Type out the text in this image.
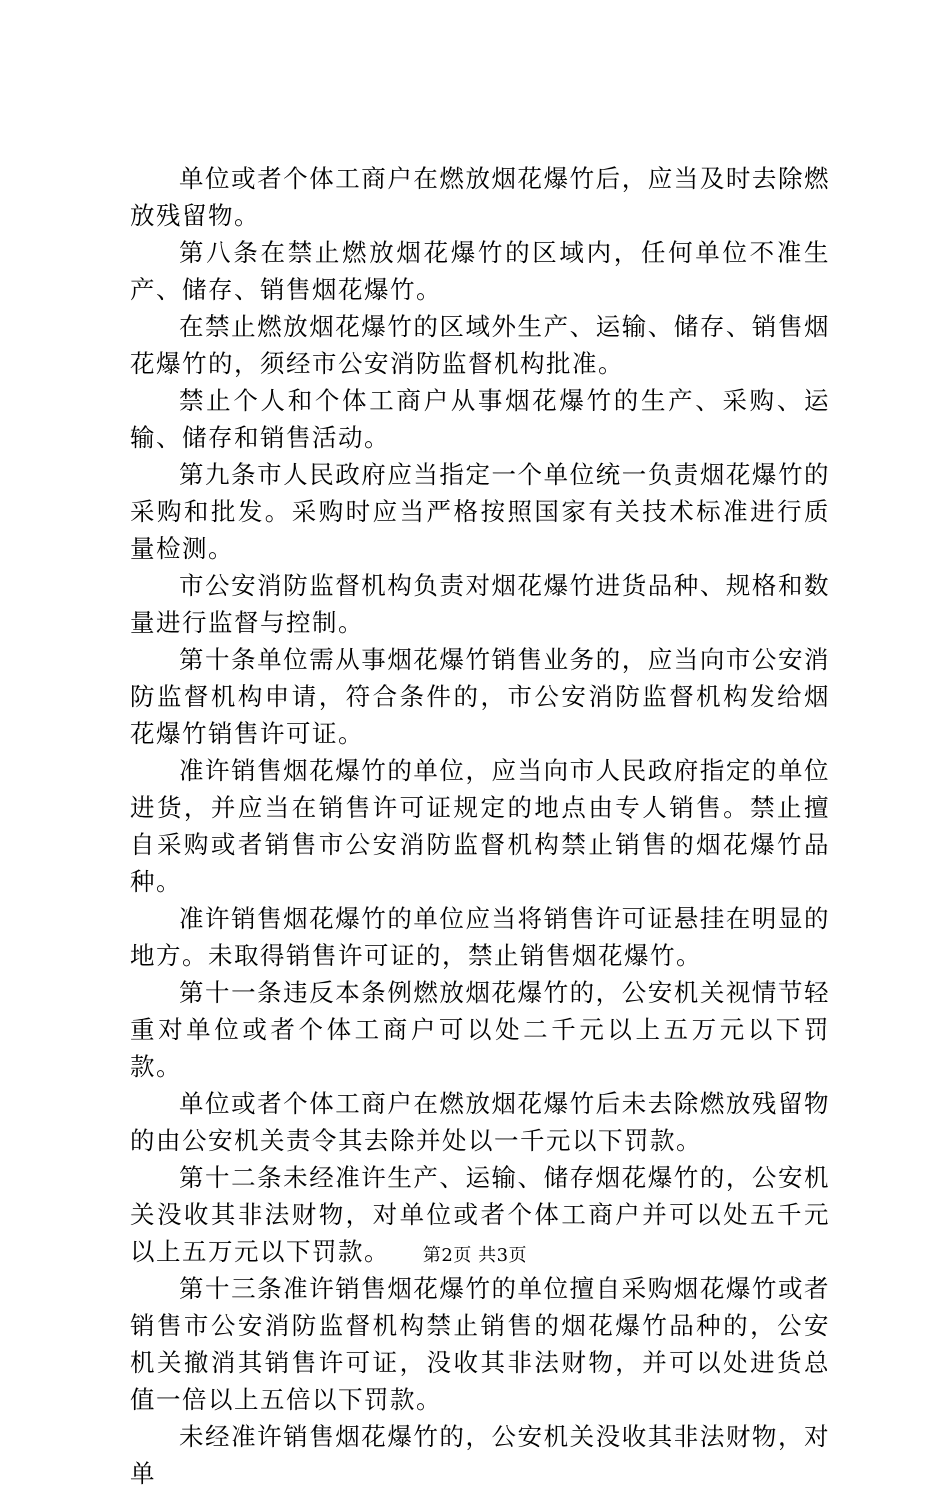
单位或者个体工商户在燃放烟花爆竹后，应当及时去除燃放残留物。

第八条在禁止燃放烟花爆竹的区域内，任何单位不准生产、储存、销售烟花爆竹。

在禁止燃放烟花爆竹的区域外生产、运输、储存、销售烟花爆竹的，须经市公安消防监督机构批准。

禁止个人和个体工商户从事烟花爆竹的生产、采购、运输、储存和销售活动。

第九条市人民政府应当指定一个单位统一负责烟花爆竹的采购和批发。采购时应当严格按照国家有关技术标准进行质量检测。

市公安消防监督机构负责对烟花爆竹进货品种、规格和数量进行监督与控制。

第十条单位需从事烟花爆竹销售业务的，应当向市公安消防监督机构申请，符合条件的，市公安消防监督机构发给烟花爆竹销售许可证。

准许销售烟花爆竹的单位，应当向市人民政府指定的单位进货，并应当在销售许可证规定的地点由专人销售。禁止擅自采购或者销售市公安消防监督机构禁止销售的烟花爆竹品种。

准许销售烟花爆竹的单位应当将销售许可证悬挂在明显的地方。未取得销售许可证的，禁止销售烟花爆竹。

第十一条违反本条例燃放烟花爆竹的，公安机关视情节轻重对单位或者个体工商户可以处二千元以上五万元以下罚款。

单位或者个体工商户在燃放烟花爆竹后未去除燃放残留物的由公安机关责令其去除并处以一千元以下罚款。

第十二条未经准许生产、运输、储存烟花爆竹的，公安机关没收其非法财物，对单位或者个体工商户并可以处五千元以上五万元以下罚款。

第十三条准许销售烟花爆竹的单位擅自采购烟花爆竹或者销售市公安消防监督机构禁止销售的烟花爆竹品种的，公安机关撤消其销售许可证，没收其非法财物，并可以处进货总值一倍以上五倍以下罚款。

未经准许销售烟花爆竹的，公安机关没收其非法财物，对单

第2页 共3页
